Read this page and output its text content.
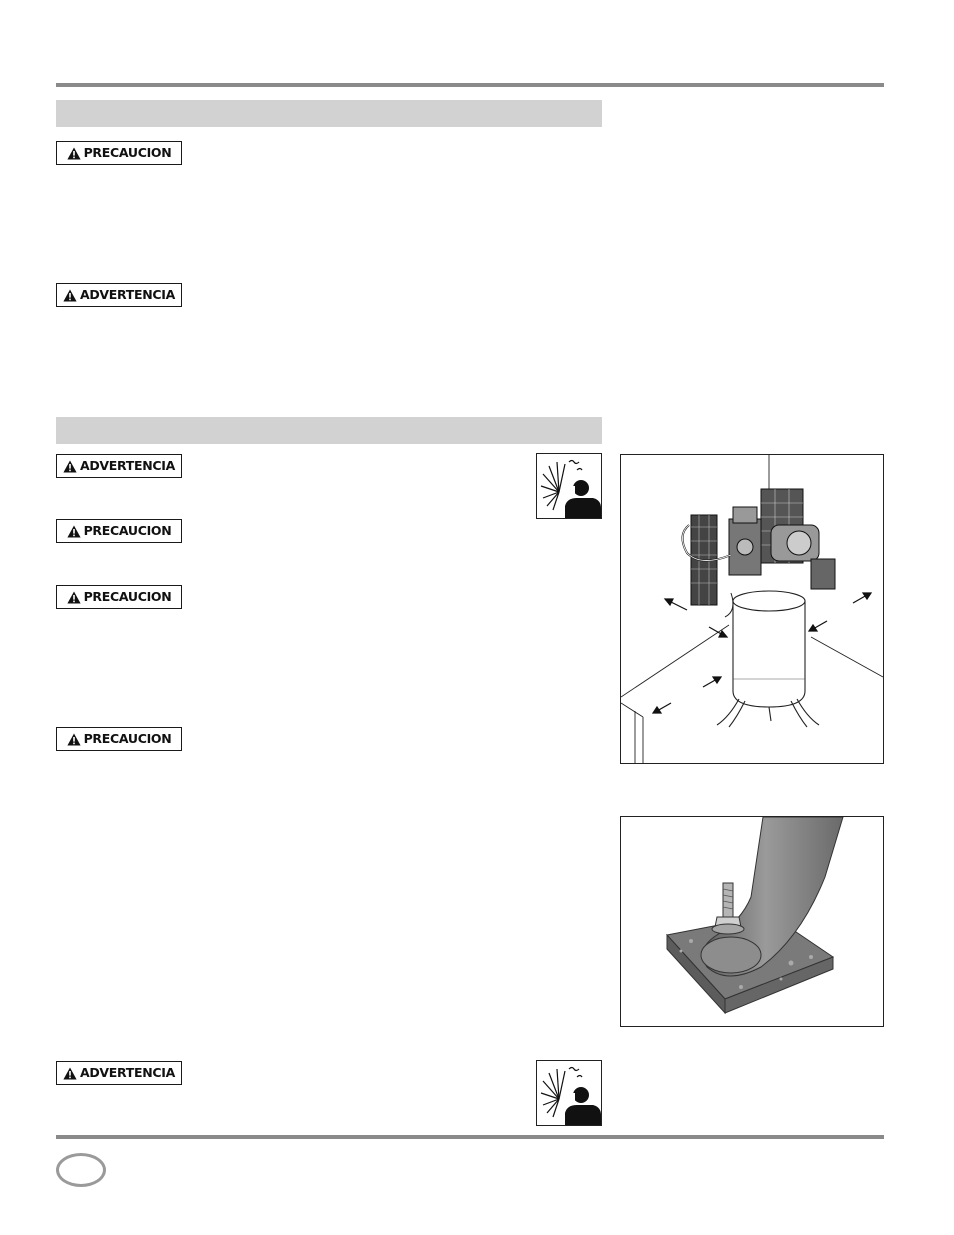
PRECAUCION
ADVERTENCIA
ADVERTENCIA
PRECAUCION
PRECAUCION
PRECAUCION
ADVERTENCIA
